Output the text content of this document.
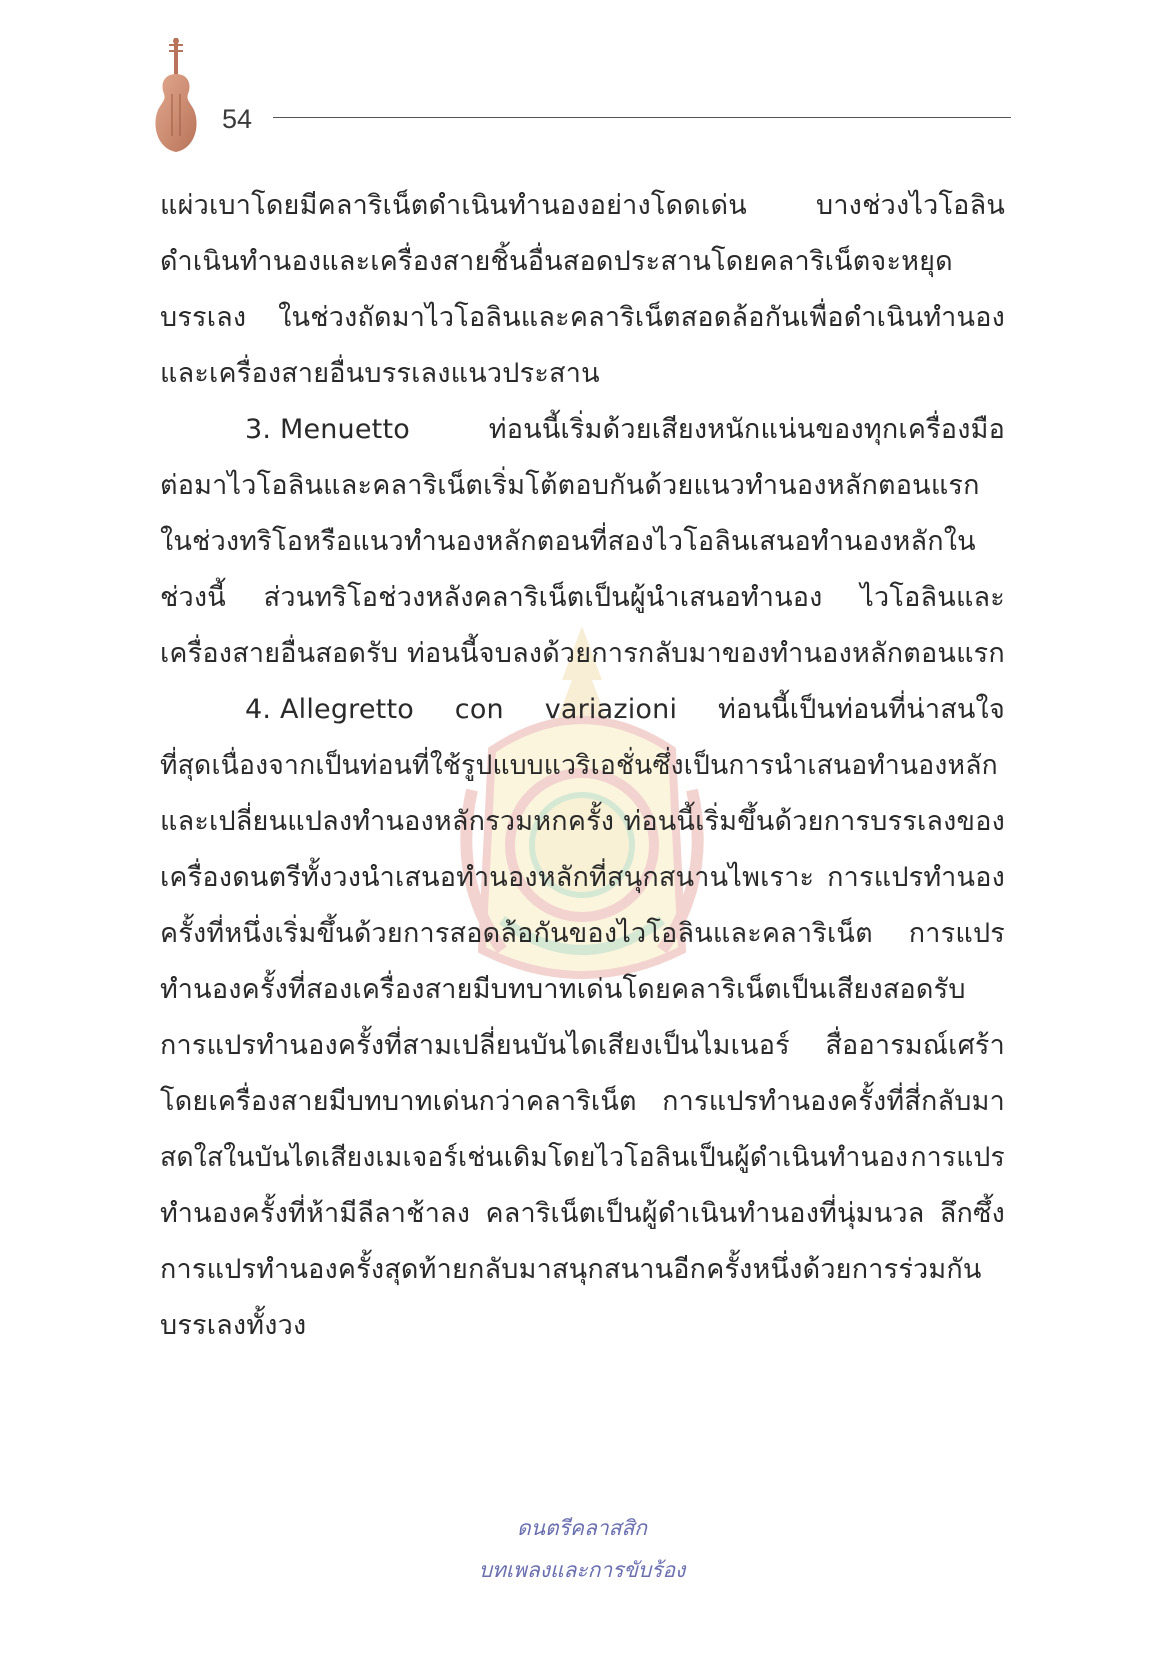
54
แผ่วเบาโดยมีคลาริเน็ตดำเนินทำนองอย่างโดดเด่น	บางช่วงไวโอลิน
ดำเนินทำนองและเครื่องสายชิ้นอื่นสอดประสานโดยคลาริเน็ตจะหยุด
บรรเลง ในช่วงถัดมาไวโอลินและคลาริเน็ตสอดล้อกันเพื่อดำเนินทำนอง
และเครื่องสายอื่นบรรเลงแนวประสาน
3. Menuetto	ท่อนนี้เริ่มด้วยเสียงหนักแน่นของทุกเครื่องมือ
ต่อมาไวโอลินและคลาริเน็ตเริ่มโต้ตอบกันด้วยแนวทำนองหลักตอนแรก
ในช่วงทริโอหรือแนวทำนองหลักตอนที่สองไวโอลินเสนอทำนองหลักใน
ช่วงนี้ ส่วนทริโอช่วงหลังคลาริเน็ตเป็นผู้นำเสนอทำนอง ไวโอลินและ
เครื่องสายอื่นสอดรับ ท่อนนี้จบลงด้วยการกลับมาของทำนองหลักตอนแรก
4. Allegretto con variazioni ท่อนนี้เป็นท่อนที่น่าสนใจ
ที่สุดเนื่องจากเป็นท่อนที่ใช้รูปแบบแวริเอชั่นซึ่งเป็นการนำเสนอทำนองหลัก
และเปลี่ยนแปลงทำนองหลักรวมหกครั้ง ท่อนนี้เริ่มขึ้นด้วยการบรรเลงของ
เครื่องดนตรีทั้งวงนำเสนอทำนองหลักที่สนุกสนานไพเราะ การแปรทำนอง
ครั้งที่หนึ่งเริ่มขึ้นด้วยการสอดล้อกันของไวโอลินและคลาริเน็ต การแปร
ทำนองครั้งที่สองเครื่องสายมีบทบาทเด่นโดยคลาริเน็ตเป็นเสียงสอดรับ
การแปรทำนองครั้งที่สามเปลี่ยนบันไดเสียงเป็นไมเนอร์ สื่ออารมณ์เศร้า
โดยเครื่องสายมีบทบาทเด่นกว่าคลาริเน็ต การแปรทำนองครั้งที่สี่กลับมา
สดใสในบันไดเสียงเมเจอร์เช่นเดิมโดยไวโอลินเป็นผู้ดำเนินทำนอง การแปร
ทำนองครั้งที่ห้ามีลีลาช้าลง คลาริเน็ตเป็นผู้ดำเนินทำนองที่นุ่มนวล ลึกซึ้ง
การแปรทำนองครั้งสุดท้ายกลับมาสนุกสนานอีกครั้งหนึ่งด้วยการร่วมกัน
บรรเลงทั้งวง
ดนตรีคลาสสิก
บทเพลงและการขับร้อง
